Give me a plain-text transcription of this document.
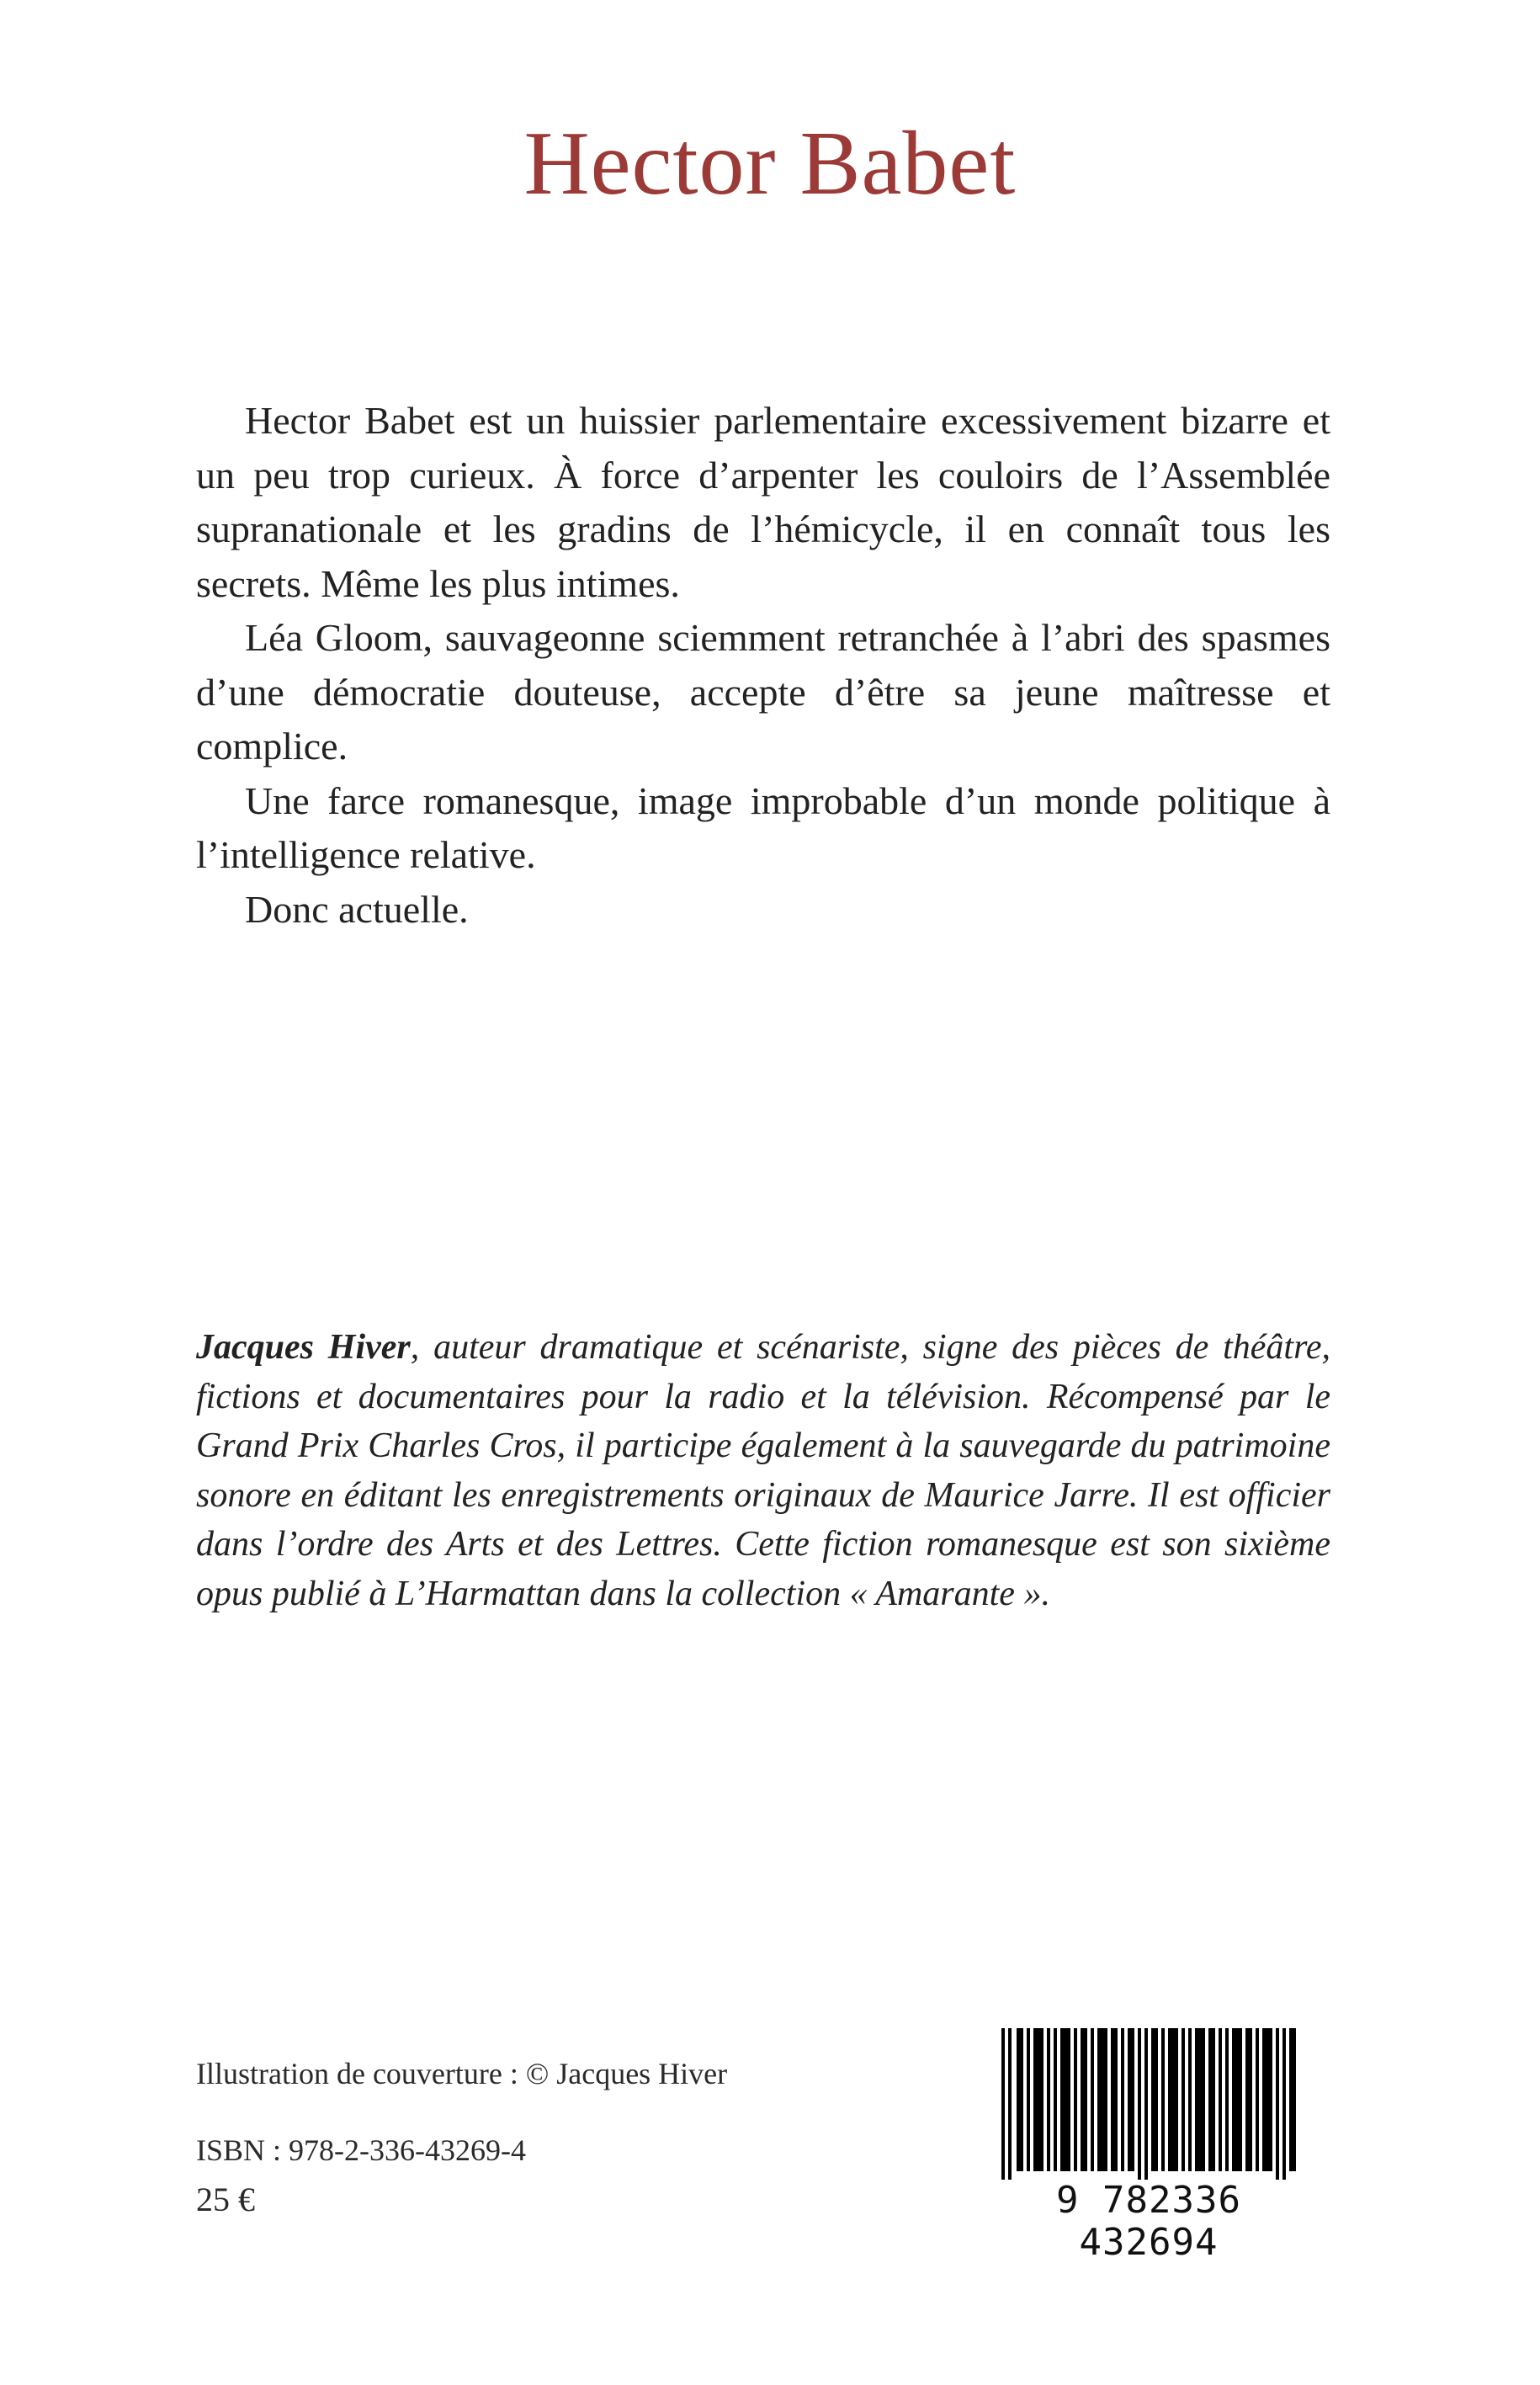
Hector Babet

Hector Babet est un huissier parlementaire excessivement bizarre et un peu trop curieux. À force d’arpenter les couloirs de l’Assemblée supranationale et les gradins de l’hémicycle, il en connaît tous les secrets. Même les plus intimes.

Léa Gloom, sauvageonne sciemment retranchée à l’abri des spasmes d’une démocratie douteuse, accepte d’être sa jeune maîtresse et complice.

Une farce romanesque, image improbable d’un monde politique à l’intelligence relative.

Donc actuelle.

Jacques Hiver, auteur dramatique et scénariste, signe des pièces de théâtre, fictions et documentaires pour la radio et la télévision. Récompensé par le Grand Prix Charles Cros, il participe également à la sauvegarde du patrimoine sonore en éditant les enregistrements originaux de Maurice Jarre. Il est officier dans l’ordre des Arts et des Lettres. Cette fiction romanesque est son sixième opus publié à L’Harmattan dans la collection « Amarante ».
Illustration de couverture : © Jacques Hiver
ISBN : 978-2-336-43269-4
25 €	9 782336 432694
